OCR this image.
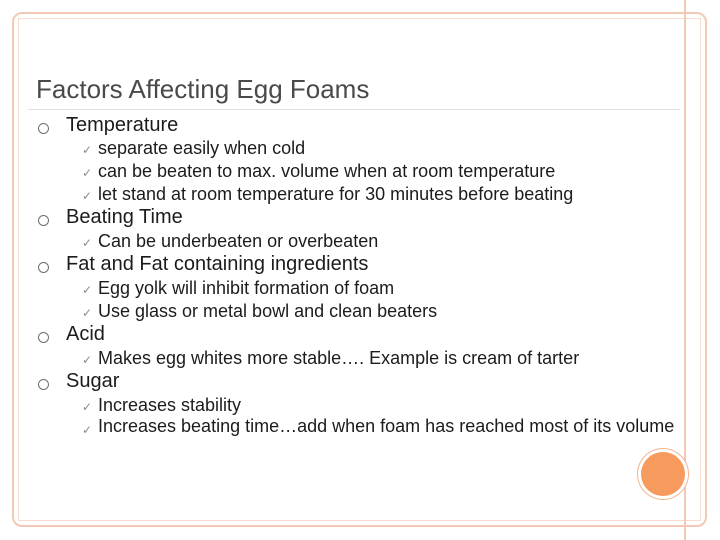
Factors Affecting Egg Foams
Temperature
✓ separate easily when cold
✓ can be beaten to max. volume when at room temperature
✓ let stand at room temperature for 30 minutes before beating
Beating Time
✓ Can be underbeaten or overbeaten
Fat and Fat containing ingredients
✓ Egg yolk will inhibit formation of foam
✓ Use glass or metal bowl and clean beaters
Acid
✓ Makes egg whites more stable…. Example is cream of tarter
Sugar
✓ Increases stability
✓ Increases beating time…add when foam has reached most of its volume
